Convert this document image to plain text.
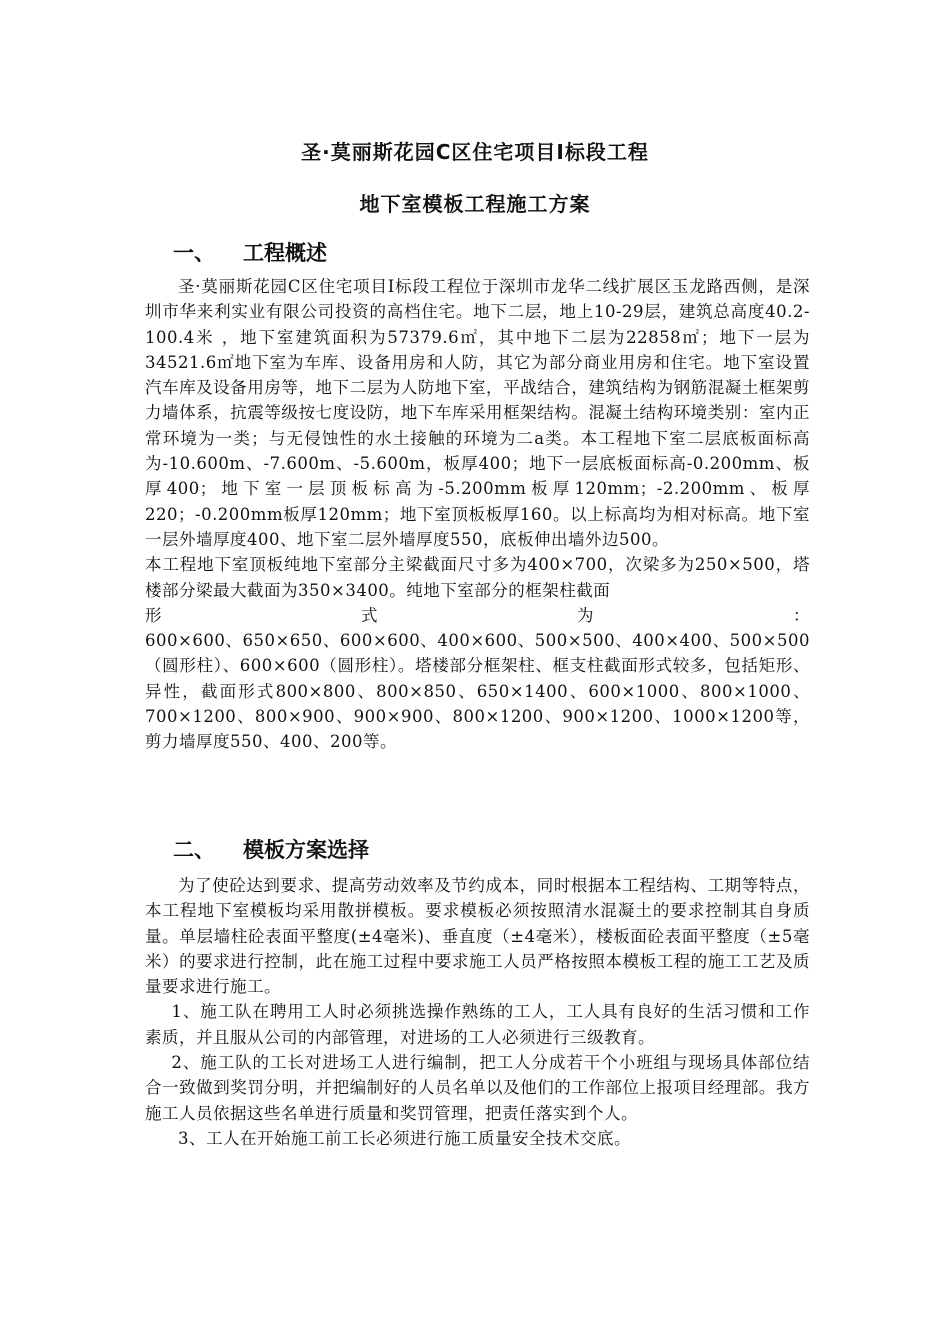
圣·莫丽斯花园C区住宅项目Ⅰ标段工程
地下室模板工程施工方案
一、 工程概述

圣·莫丽斯花园C区住宅项目Ⅰ标段工程位于深圳市龙华二线扩展区玉龙路西侧，是深圳市华来利实业有限公司投资的高档住宅。地下二层，地上10-29层，建筑总高度40.2-100.4米 ，地下室建筑面积为57379.6㎡，其中地下二层为22858㎡；地下一层为34521.6㎡地下室为车库、设备用房和人防，其它为部分商业用房和住宅。地下室设置汽车库及设备用房等，地下二层为人防地下室，平战结合，建筑结构为钢筋混凝土框架剪力墙体系，抗震等级按七度设防，地下车库采用框架结构。混凝土结构环境类别：室内正常环境为一类；与无侵蚀性的水土接触的环境为二a类。本工程地下室二层底板面标高为-10.600m、-7.600m、-5.600m，板厚400；地下一层底板面标高-0.200mm、板厚400；地下室一层顶板标高为-5.200mm板厚120mm；-2.200mm、板厚220；-0.200mm板厚120mm；地下室顶板板厚160。以上标高均为相对标高。地下室一层外墙厚度400、地下室二层外墙厚度550，底板伸出墙外边500。

本工程地下室顶板纯地下室部分主梁截面尺寸多为400×700，次梁多为250×500，塔楼部分梁最大截面为350×3400。纯地下室部分的框架柱截面

形	式	为	：

600×600、650×650、600×600、400×600、500×500、400×400、500×500（圆形柱）、600×600（圆形柱）。塔楼部分框架柱、框支柱截面形式较多，包括矩形、异性，截面形式800×800、800×850、650×1400、600×1000、800×1000、700×1200、800×900、900×900、800×1200、900×1200、1000×1200等，剪力墙厚度550、400、200等。

二、 模板方案选择

为了使砼达到要求、提高劳动效率及节约成本，同时根据本工程结构、工期等特点，本工程地下室模板均采用散拼模板。要求模板必须按照清水混凝土的要求控制其自身质量。单层墙柱砼表面平整度(±4毫米)、垂直度（±4毫米），楼板面砼表面平整度（±5毫米）的要求进行控制，此在施工过程中要求施工人员严格按照本模板工程的施工工艺及质量要求进行施工。

1、施工队在聘用工人时必须挑选操作熟练的工人，工人具有良好的生活习惯和工作素质，并且服从公司的内部管理，对进场的工人必须进行三级教育。

2、施工队的工长对进场工人进行编制，把工人分成若干个小班组与现场具体部位结合一致做到奖罚分明，并把编制好的人员名单以及他们的工作部位上报项目经理部。我方施工人员依据这些名单进行质量和奖罚管理，把责任落实到个人。

3、工人在开始施工前工长必须进行施工质量安全技术交底。
